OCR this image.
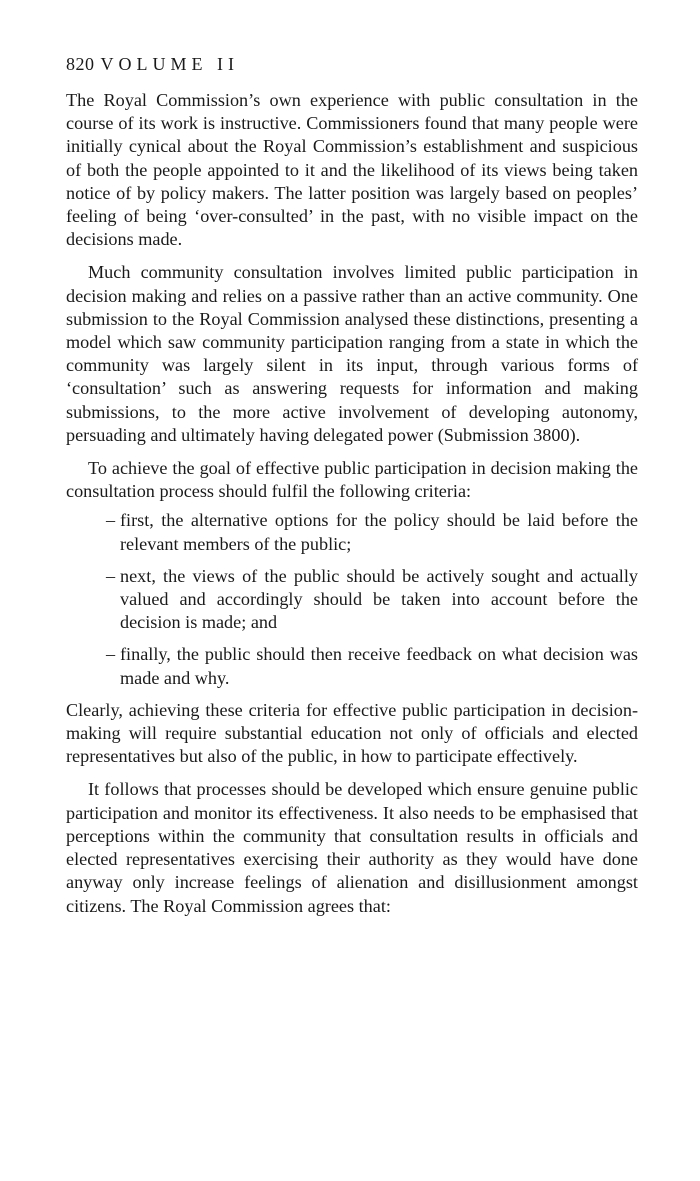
820 VOLUME II

The Royal Commission’s own experience with public consultation in the course of its work is instructive. Commissioners found that many people were initially cynical about the Royal Commission’s establishment and suspicious of both the people appointed to it and the likelihood of its views being taken notice of by policy makers. The latter position was largely based on peoples’ feeling of being ‘over-consulted’ in the past, with no visible impact on the decisions made.

Much community consultation involves limited public participation in decision making and relies on a passive rather than an active community. One submission to the Royal Commission analysed these distinctions, presenting a model which saw community participation ranging from a state in which the community was largely silent in its input, through various forms of ‘consultation’ such as answering requests for information and making submissions, to the more active involvement of developing autonomy, persuading and ultimately having delegated power (Submission 3800).

To achieve the goal of effective public participation in decision making the consultation process should fulfil the following criteria:

– first, the alternative options for the policy should be laid before the relevant members of the public;
– next, the views of the public should be actively sought and actually valued and accordingly should be taken into account before the decision is made; and
– finally, the public should then receive feedback on what decision was made and why.

Clearly, achieving these criteria for effective public participation in decision-making will require substantial education not only of officials and elected representatives but also of the public, in how to participate effectively.

It follows that processes should be developed which ensure genuine public participation and monitor its effectiveness. It also needs to be emphasised that perceptions within the community that consultation results in officials and elected representatives exercising their authority as they would have done anyway only increase feelings of alienation and disillusionment amongst citizens. The Royal Commission agrees that:
